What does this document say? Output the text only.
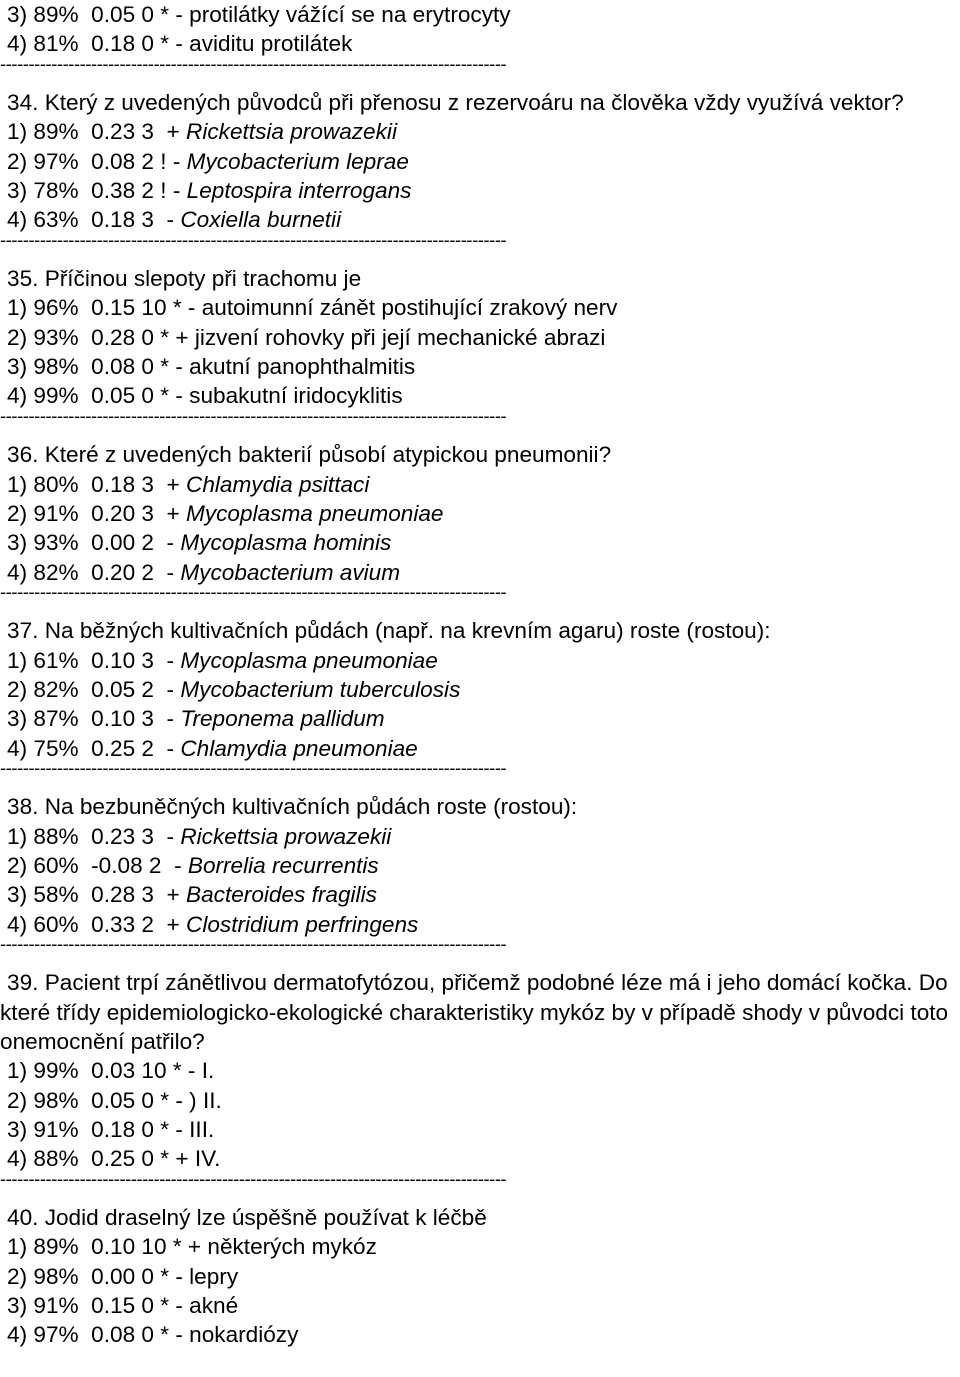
3) 89%  0.05 0 * - protilátky vážící se na erytrocyty
4) 81%  0.18 0 * - aviditu protilátek
-----------------------------------------------------------------------------------------
34. Který z uvedených původců při přenosu z rezervoáru na člověka vždy využívá vektor?
1) 89%  0.23 3  + Rickettsia prowazekii
2) 97%  0.08 2 ! - Mycobacterium leprae
3) 78%  0.38 2 ! - Leptospira interrogans
4) 63%  0.18 3  - Coxiella burnetii
-----------------------------------------------------------------------------------------
35. Příčinou slepoty při trachomu je
1) 96%  0.15 10 * - autoimunní zánět postihující zrakový nerv
2) 93%  0.28 0 * + jizvení rohovky při její mechanické abrazi
3) 98%  0.08 0 * - akutní panophthalmitis
4) 99%  0.05 0 * - subakutní iridocyklitis
-----------------------------------------------------------------------------------------
36. Které z uvedených bakterií působí atypickou pneumonii?
1) 80%  0.18 3  + Chlamydia psittaci
2) 91%  0.20 3  + Mycoplasma pneumoniae
3) 93%  0.00 2  - Mycoplasma hominis
4) 82%  0.20 2  - Mycobacterium avium
-----------------------------------------------------------------------------------------
37. Na běžných kultivačních půdách (např. na krevním agaru) roste (rostou):
1) 61%  0.10 3  - Mycoplasma pneumoniae
2) 82%  0.05 2  - Mycobacterium tuberculosis
3) 87%  0.10 3  - Treponema pallidum
4) 75%  0.25 2  - Chlamydia pneumoniae
-----------------------------------------------------------------------------------------
38. Na bezbuněčných kultivačních půdách roste (rostou):
1) 88%  0.23 3  - Rickettsia prowazekii
2) 60%  -0.08 2  - Borrelia recurrentis
3) 58%  0.28 3  + Bacteroides fragilis
4) 60%  0.33 2  + Clostridium perfringens
-----------------------------------------------------------------------------------------
39. Pacient trpí zánětlivou dermatofytózou, přičemž podobné léze má i jeho domácí kočka. Do které třídy epidemiologicko-ekologické charakteristiky mykóz by v případě shody v původci toto onemocnění patřilo?
1) 99%  0.03 10 * - I.
2) 98%  0.05 0 * - ) II.
3) 91%  0.18 0 * - III.
4) 88%  0.25 0 * + IV.
-----------------------------------------------------------------------------------------
40. Jodid draselný lze úspěšně používat k léčbě
1) 89%  0.10 10 * + některých mykóz
2) 98%  0.00 0 * - lepry
3) 91%  0.15 0 * - akné
4) 97%  0.08 0 * - nokardiózy
